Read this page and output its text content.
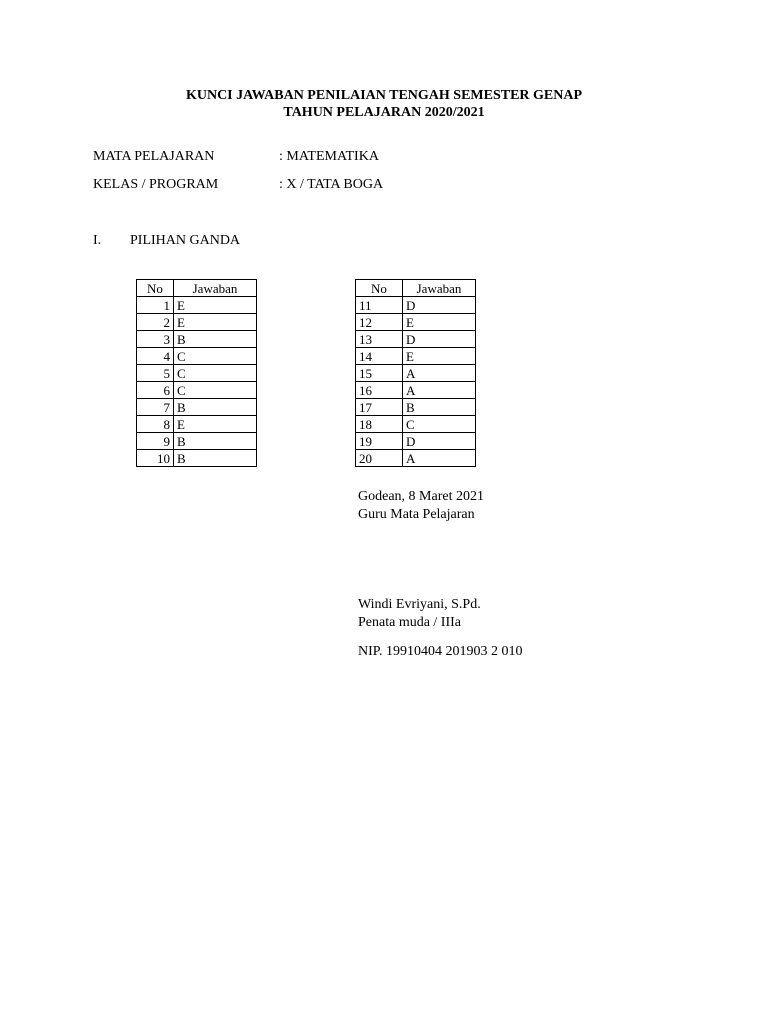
KUNCI JAWABAN PENILAIAN TENGAH SEMESTER GENAP
TAHUN PELAJARAN 2020/2021
MATA PELAJARAN	: MATEMATIKA
KELAS / PROGRAM	: X / TATA BOGA
I. PILIHAN GANDA
No	Jawaban
1	E
2	E
3	B
4	C
5	C
6	C
7	B
8	E
9	B
10	B
No	Jawaban
11	D
12	E
13	D
14	E
15	A
16	A
17	B
18	C
19	D
20	A
Godean, 8 Maret 2021
Guru Mata Pelajaran
Windi Evriyani, S.Pd.
Penata muda / IIIa
NIP. 19910404 201903 2 010
